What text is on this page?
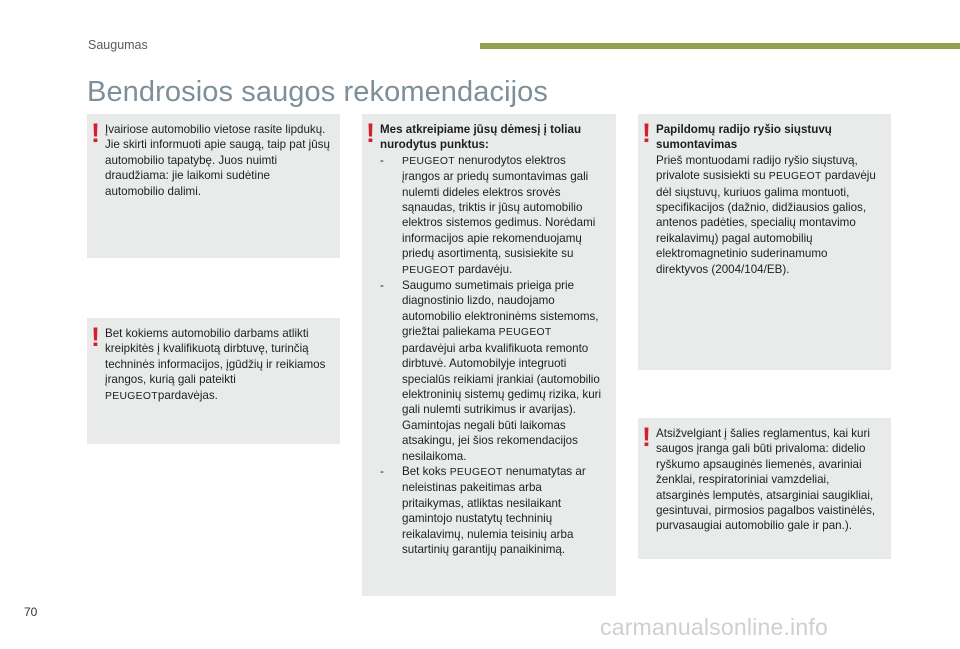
Saugumas
Bendrosios saugos rekomendacijos
! Įvairiose automobilio vietose rasite lipdukų. Jie skirti informuoti apie saugą, taip pat jūsų automobilio tapatybę. Juos nuimti draudžiama: jie laikomi sudėtine automobilio dalimi.

! Bet kokiems automobilio darbams atlikti kreipkitės į kvalifikuotą dirbtuvę, turinčią techninės informacijos, įgūdžių ir reikiamos įrangos, kurią gali pateikti PEUGEOTpardavėjas.

! Mes atkreipiame jūsų dėmesį į toliau nurodytus punktus:

- PEUGEOT nenurodytos elektros įrangos ar priedų sumontavimas gali nulemti dideles elektros srovės sąnaudas, triktis ir jūsų automobilio elektros sistemos gedimus. Norėdami informacijos apie rekomenduojamų priedų asortimentą, susisiekite su PEUGEOT pardavėju.
- Saugumo sumetimais prieiga prie diagnostinio lizdo, naudojamo automobilio elektroninėms sistemoms, griežtai paliekama PEUGEOT pardavėjui arba kvalifikuota remonto dirbtuvė. Automobilyje integruoti specialūs reikiami įrankiai (automobilio elektroninių sistemų gedimų rizika, kuri gali nulemti sutrikimus ir avarijas). Gamintojas negali būti laikomas atsakingu, jei šios rekomendacijos nesilaikoma.
- Bet koks PEUGEOT nenumatytas ar neleistinas pakeitimas arba pritaikymas, atliktas nesilaikant gamintojo nustatytų techninių reikalavimų, nulemia teisinių arba sutartinių garantijų panaikinimą.
! Papildomų radijo ryšio siųstuvų sumontavimas

Prieš montuodami radijo ryšio siųstuvą, privalote susisiekti su PEUGEOT pardavėju dėl siųstuvų, kuriuos galima montuoti, specifikacijos (dažnio, didžiausios galios, antenos padėties, specialių montavimo reikalavimų) pagal automobilių elektromagnetinio suderinamumo direktyvos (2004/104/EB).

! Atsižvelgiant į šalies reglamentus, kai kuri saugos įranga gali būti privaloma: didelio ryškumo apsauginės liemenės, avariniai ženklai, respiratoriniai vamzdeliai, atsarginės lemputės, atsarginiai saugikliai, gesintuvai, pirmosios pagalbos vaistinėlės, purvasaugiai automobilio gale ir pan.).

70
carmanualsonline.info
